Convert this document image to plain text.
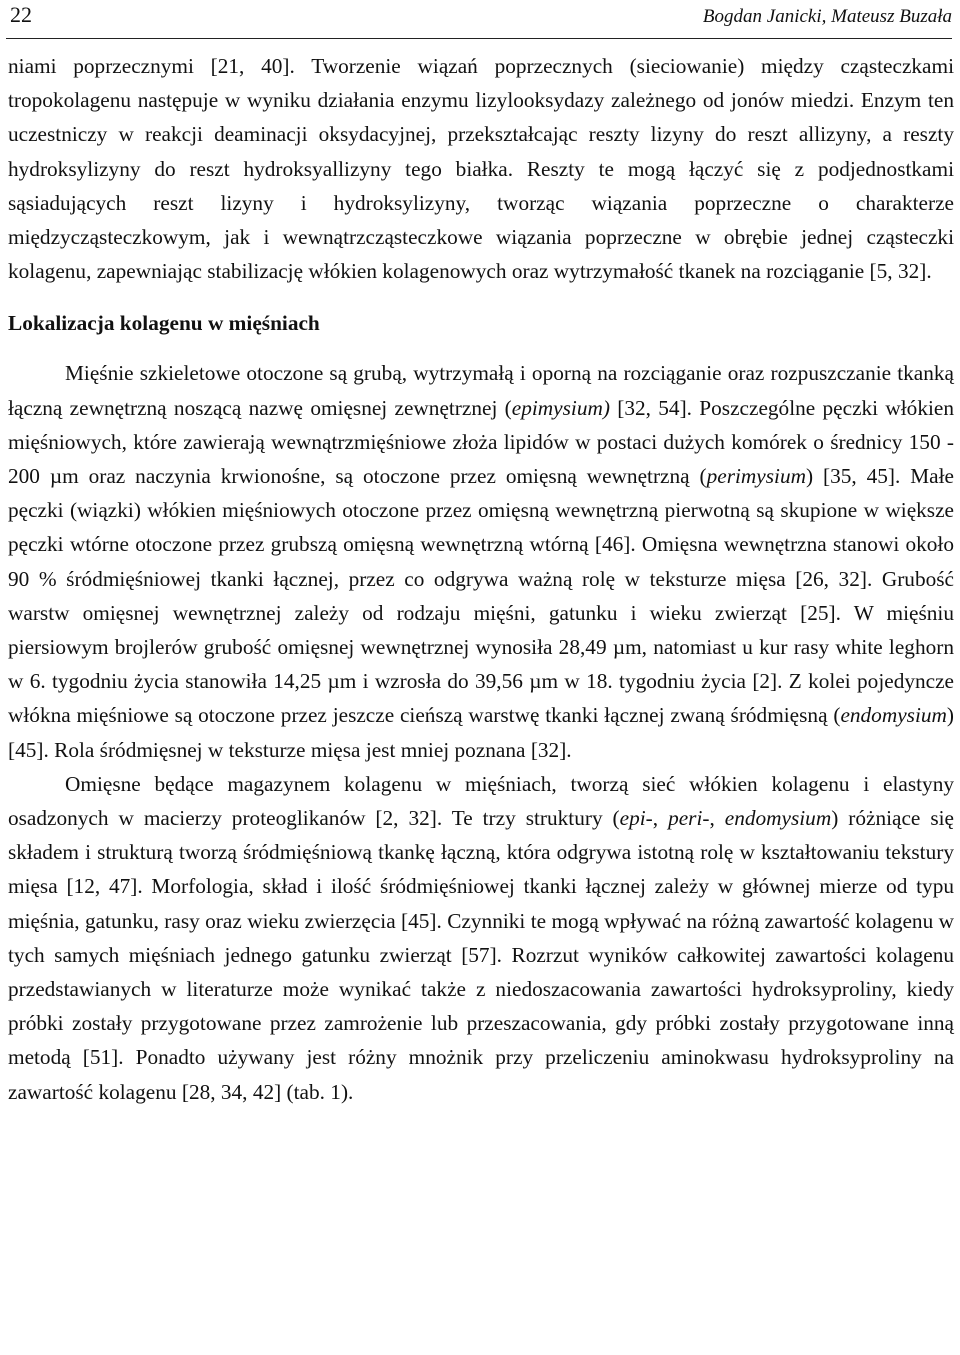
22	Bogdan Janicki, Mateusz Buzała

niami poprzecznymi [21, 40]. Tworzenie wiązań poprzecznych (sieciowanie) między cząsteczkami tropokolagenu następuje w wyniku działania enzymu lizylooksydazy zależnego od jonów miedzi. Enzym ten uczestniczy w reakcji deaminacji oksydacyjnej, przekształcając reszty lizyny do reszt allizyny, a reszty hydroksylizyny do reszt hydroksyallizyny tego białka. Reszty te mogą łączyć się z podjednostkami sąsiadujących reszt lizyny i hydroksylizyny, tworząc wiązania poprzeczne o charakterze międzycząsteczkowym, jak i wewnątrzcząsteczkowe wiązania poprzeczne w obrębie jednej cząsteczki kolagenu, zapewniając stabilizację włókien kolagenowych oraz wytrzymałość tkanek na rozciąganie [5, 32].

Lokalizacja kolagenu w mięśniach

Mięśnie szkieletowe otoczone są grubą, wytrzymałą i oporną na rozciąganie oraz rozpuszczanie tkanką łączną zewnętrzną noszącą nazwę omięsnej zewnętrznej (epimysium) [32, 54]. Poszczególne pęczki włókien mięśniowych, które zawierają wewnątrzmięśniowe złoża lipidów w postaci dużych komórek o średnicy 150 - 200 µm oraz naczynia krwionośne, są otoczone przez omięsną wewnętrzną (perimysium) [35, 45]. Małe pęczki (wiązki) włókien mięśniowych otoczone przez omięsną wewnętrzną pierwotną są skupione w większe pęczki wtórne otoczone przez grubszą omięsną wewnętrzną wtórną [46]. Omięsna wewnętrzna stanowi około 90 % śródmięśniowej tkanki łącznej, przez co odgrywa ważną rolę w teksturze mięsa [26, 32]. Grubość warstw omięsnej wewnętrznej zależy od rodzaju mięśni, gatunku i wieku zwierząt [25]. W mięśniu piersiowym brojlerów grubość omięsnej wewnętrznej wynosiła 28,49 µm, natomiast u kur rasy white leghorn w 6. tygodniu życia stanowiła 14,25 µm i wzrosła do 39,56 µm w 18. tygodniu życia [2]. Z kolei pojedyncze włókna mięśniowe są otoczone przez jeszcze cieńszą warstwę tkanki łącznej zwaną śródmięsną (endomysium) [45]. Rola śródmięsnej w teksturze mięsa jest mniej poznana [32].

Omięsne będące magazynem kolagenu w mięśniach, tworzą sieć włókien kolagenu i elastyny osadzonych w macierzy proteoglikanów [2, 32]. Te trzy struktury (epi-, peri-, endomysium) różniące się składem i strukturą tworzą śródmięśniową tkankę łączną, która odgrywa istotną rolę w kształtowaniu tekstury mięsa [12, 47]. Morfologia, skład i ilość śródmięśniowej tkanki łącznej zależy w głównej mierze od typu mięśnia, gatunku, rasy oraz wieku zwierzęcia [45]. Czynniki te mogą wpływać na różną zawartość kolagenu w tych samych mięśniach jednego gatunku zwierząt [57]. Rozrzut wyników całkowitej zawartości kolagenu przedstawianych w literaturze może wynikać także z niedoszacowania zawartości hydroksyproliny, kiedy próbki zostały przygotowane przez zamrożenie lub przeszacowania, gdy próbki zostały przygotowane inną metodą [51]. Ponadto używany jest różny mnożnik przy przeliczeniu aminokwasu hydroksyproliny na zawartość kolagenu [28, 34, 42] (tab. 1).
